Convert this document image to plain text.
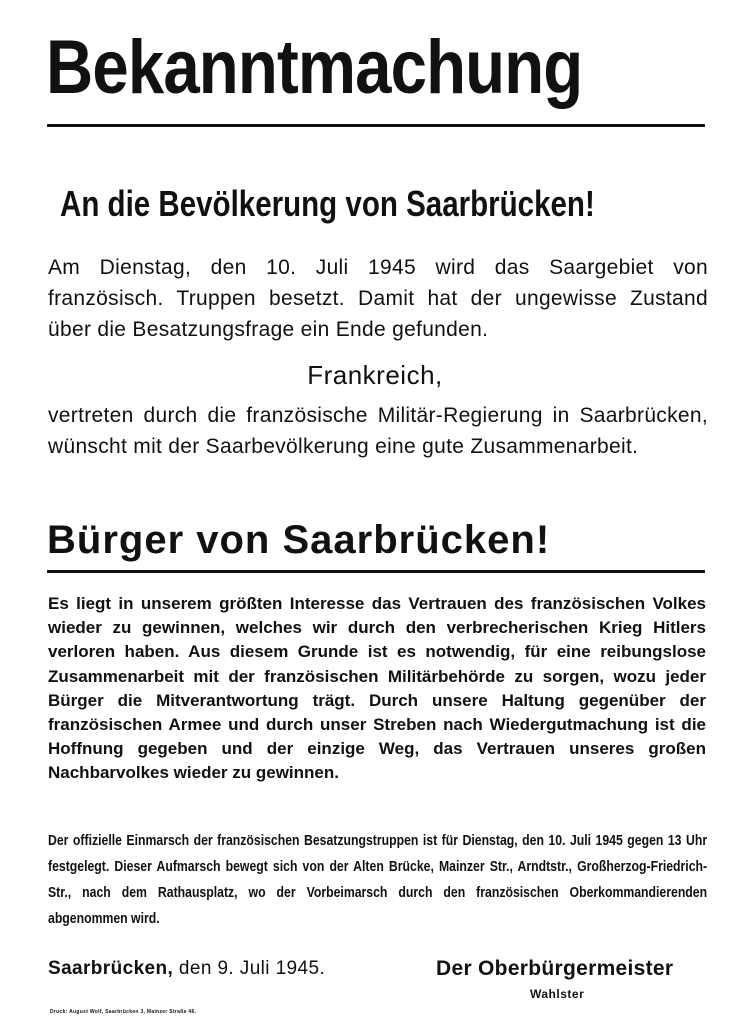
Bekanntmachung
An die Bevölkerung von Saarbrücken!
Am Dienstag, den 10. Juli 1945 wird das Saargebiet von französisch. Truppen besetzt. Damit hat der ungewisse Zustand über die Besatzungsfrage ein Ende gefunden.
Frankreich,
vertreten durch die französische Militär-Regierung in Saarbrücken, wünscht mit der Saarbevölkerung eine gute Zusammenarbeit.
Bürger von Saarbrücken!
Es liegt in unserem größten Interesse das Vertrauen des französischen Volkes wieder zu gewinnen, welches wir durch den verbrecherischen Krieg Hitlers verloren haben. Aus diesem Grunde ist es notwendig, für eine reibungslose Zusammenarbeit mit der französischen Militärbehörde zu sorgen, wozu jeder Bürger die Mitverantwortung trägt. Durch unsere Haltung gegenüber der französischen Armee und durch unser Streben nach Wiedergutmachung ist die Hoffnung gegeben und der einzige Weg, das Vertrauen unseres großen Nachbarvolkes wieder zu gewinnen.
Der offizielle Einmarsch der französischen Besatzungstruppen ist für Dienstag, den 10. Juli 1945 gegen 13 Uhr festgelegt. Dieser Aufmarsch bewegt sich von der Alten Brücke, Mainzer Str., Arndtstr., Großherzog-Friedrich-Str., nach dem Rathausplatz, wo der Vorbeimarsch durch den französischen Oberkommandierenden abgenommen wird.
Saarbrücken, den 9. Juli 1945.	Der Oberbürgermeister
Wahlster
Druck: August Wolf, Saarbrücken 3, Mainzer Straße 46.
